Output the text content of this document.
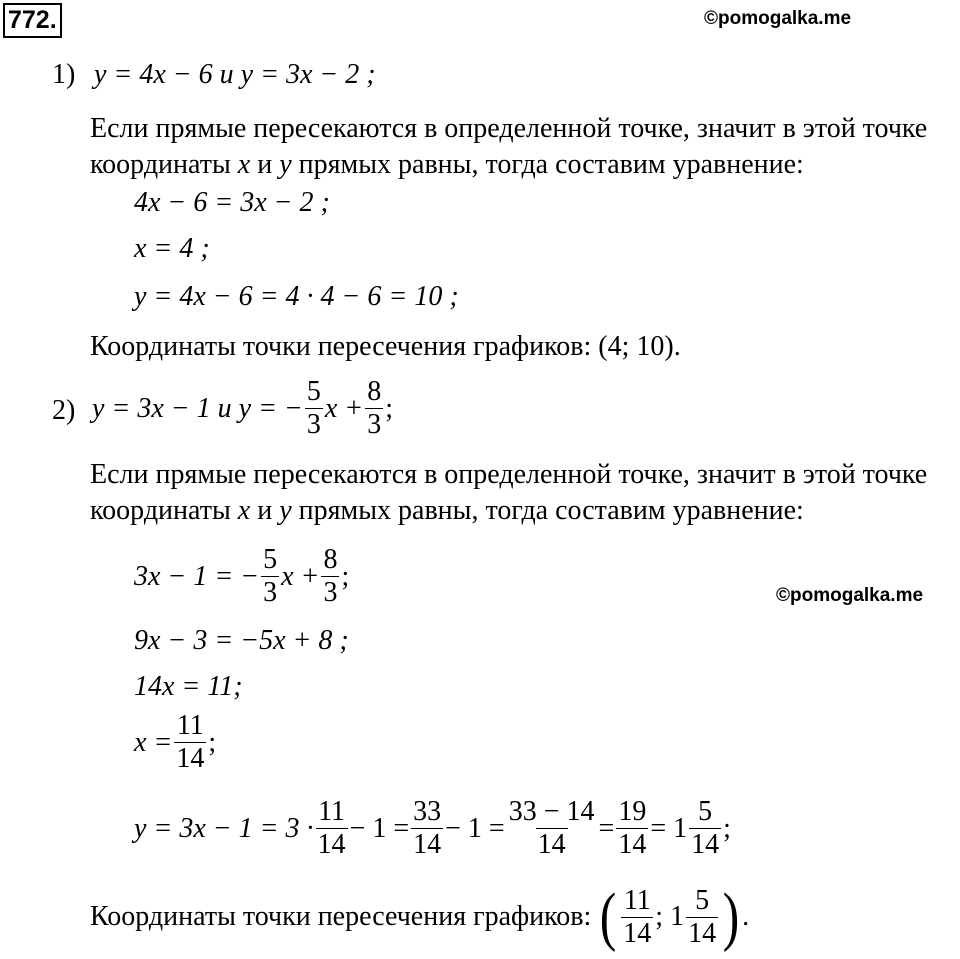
772.	©pomogalka.me
1) y = 4x − 6 и y = 3x − 2 ;
Если прямые пересекаются в определенной точке, значит в этой точке
координаты x и y прямых равны, тогда составим уравнение:
4x − 6 = 3x − 2 ;
x = 4 ;
y = 4x − 6 = 4 · 4 − 6 = 10 ;
Координаты точки пересечения графиков: (4; 10).
2) y = 3x − 1 и y = − $\frac{5}{3}$ $x + \frac{8}{3}$ ;
Если прямые пересекаются в определенной точке, значит в этой точке
координаты x и y прямых равны, тогда составим уравнение:
3x − 1 = − $\frac{5}{3}$ $x + \frac{8}{3}$ ;
©pomogalka.me
9x − 3 = −5x + 8 ;
14x = 11;
$x = \frac{11}{14}$ ;
$y = 3x - 1 = 3 \cdot \frac{11}{14} - 1 = \frac{33}{14} - 1 = \frac{33 - 14}{14} = \frac{19}{14} = 1 \frac{5}{14}$ ;
Координаты точки пересечения графиков: ( $\frac{11}{14}$ ; $1 \frac{5}{14}$ ) .
